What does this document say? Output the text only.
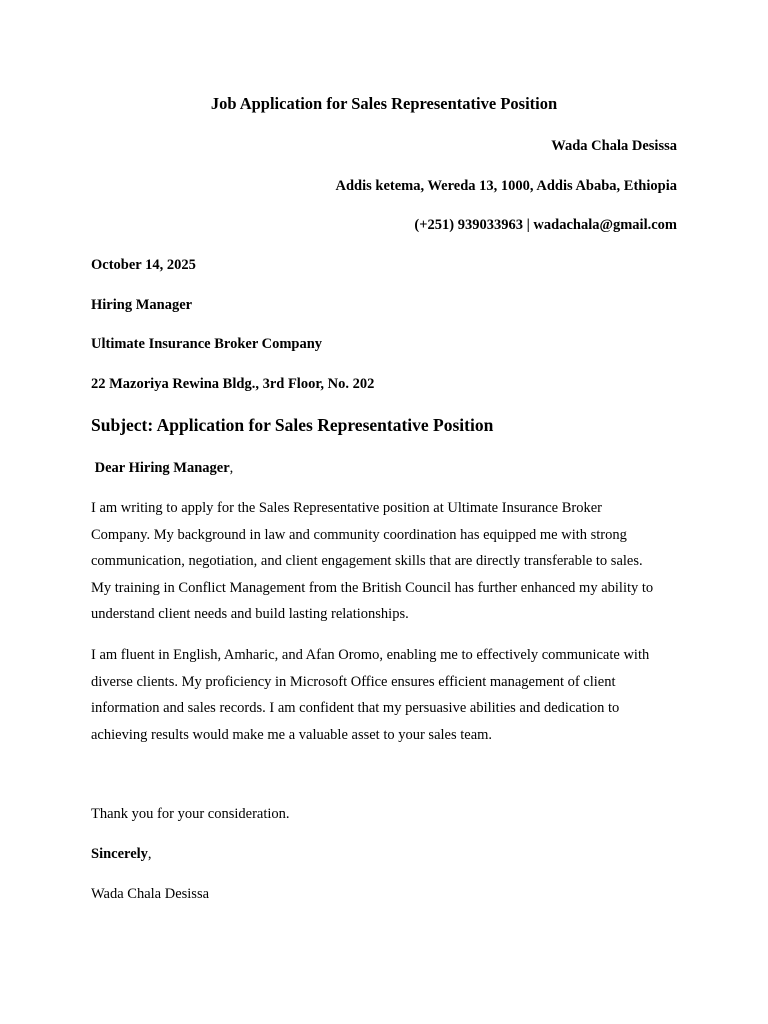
Job Application for Sales Representative Position
Wada Chala Desissa
Addis ketema, Wereda 13, 1000, Addis Ababa, Ethiopia
(+251) 939033963 | wadachala@gmail.com
October 14, 2025
Hiring Manager
Ultimate Insurance Broker Company
22 Mazoriya Rewina Bldg., 3rd Floor, No. 202
Subject: Application for Sales Representative Position
Dear Hiring Manager,
I am writing to apply for the Sales Representative position at Ultimate Insurance Broker
Company. My background in law and community coordination has equipped me with strong
communication, negotiation, and client engagement skills that are directly transferable to sales.
My training in Conflict Management from the British Council has further enhanced my ability to
understand client needs and build lasting relationships.
I am fluent in English, Amharic, and Afan Oromo, enabling me to effectively communicate with
diverse clients. My proficiency in Microsoft Office ensures efficient management of client
information and sales records. I am confident that my persuasive abilities and dedication to
achieving results would make me a valuable asset to your sales team.
Thank you for your consideration.
Sincerely,
Wada Chala Desissa
